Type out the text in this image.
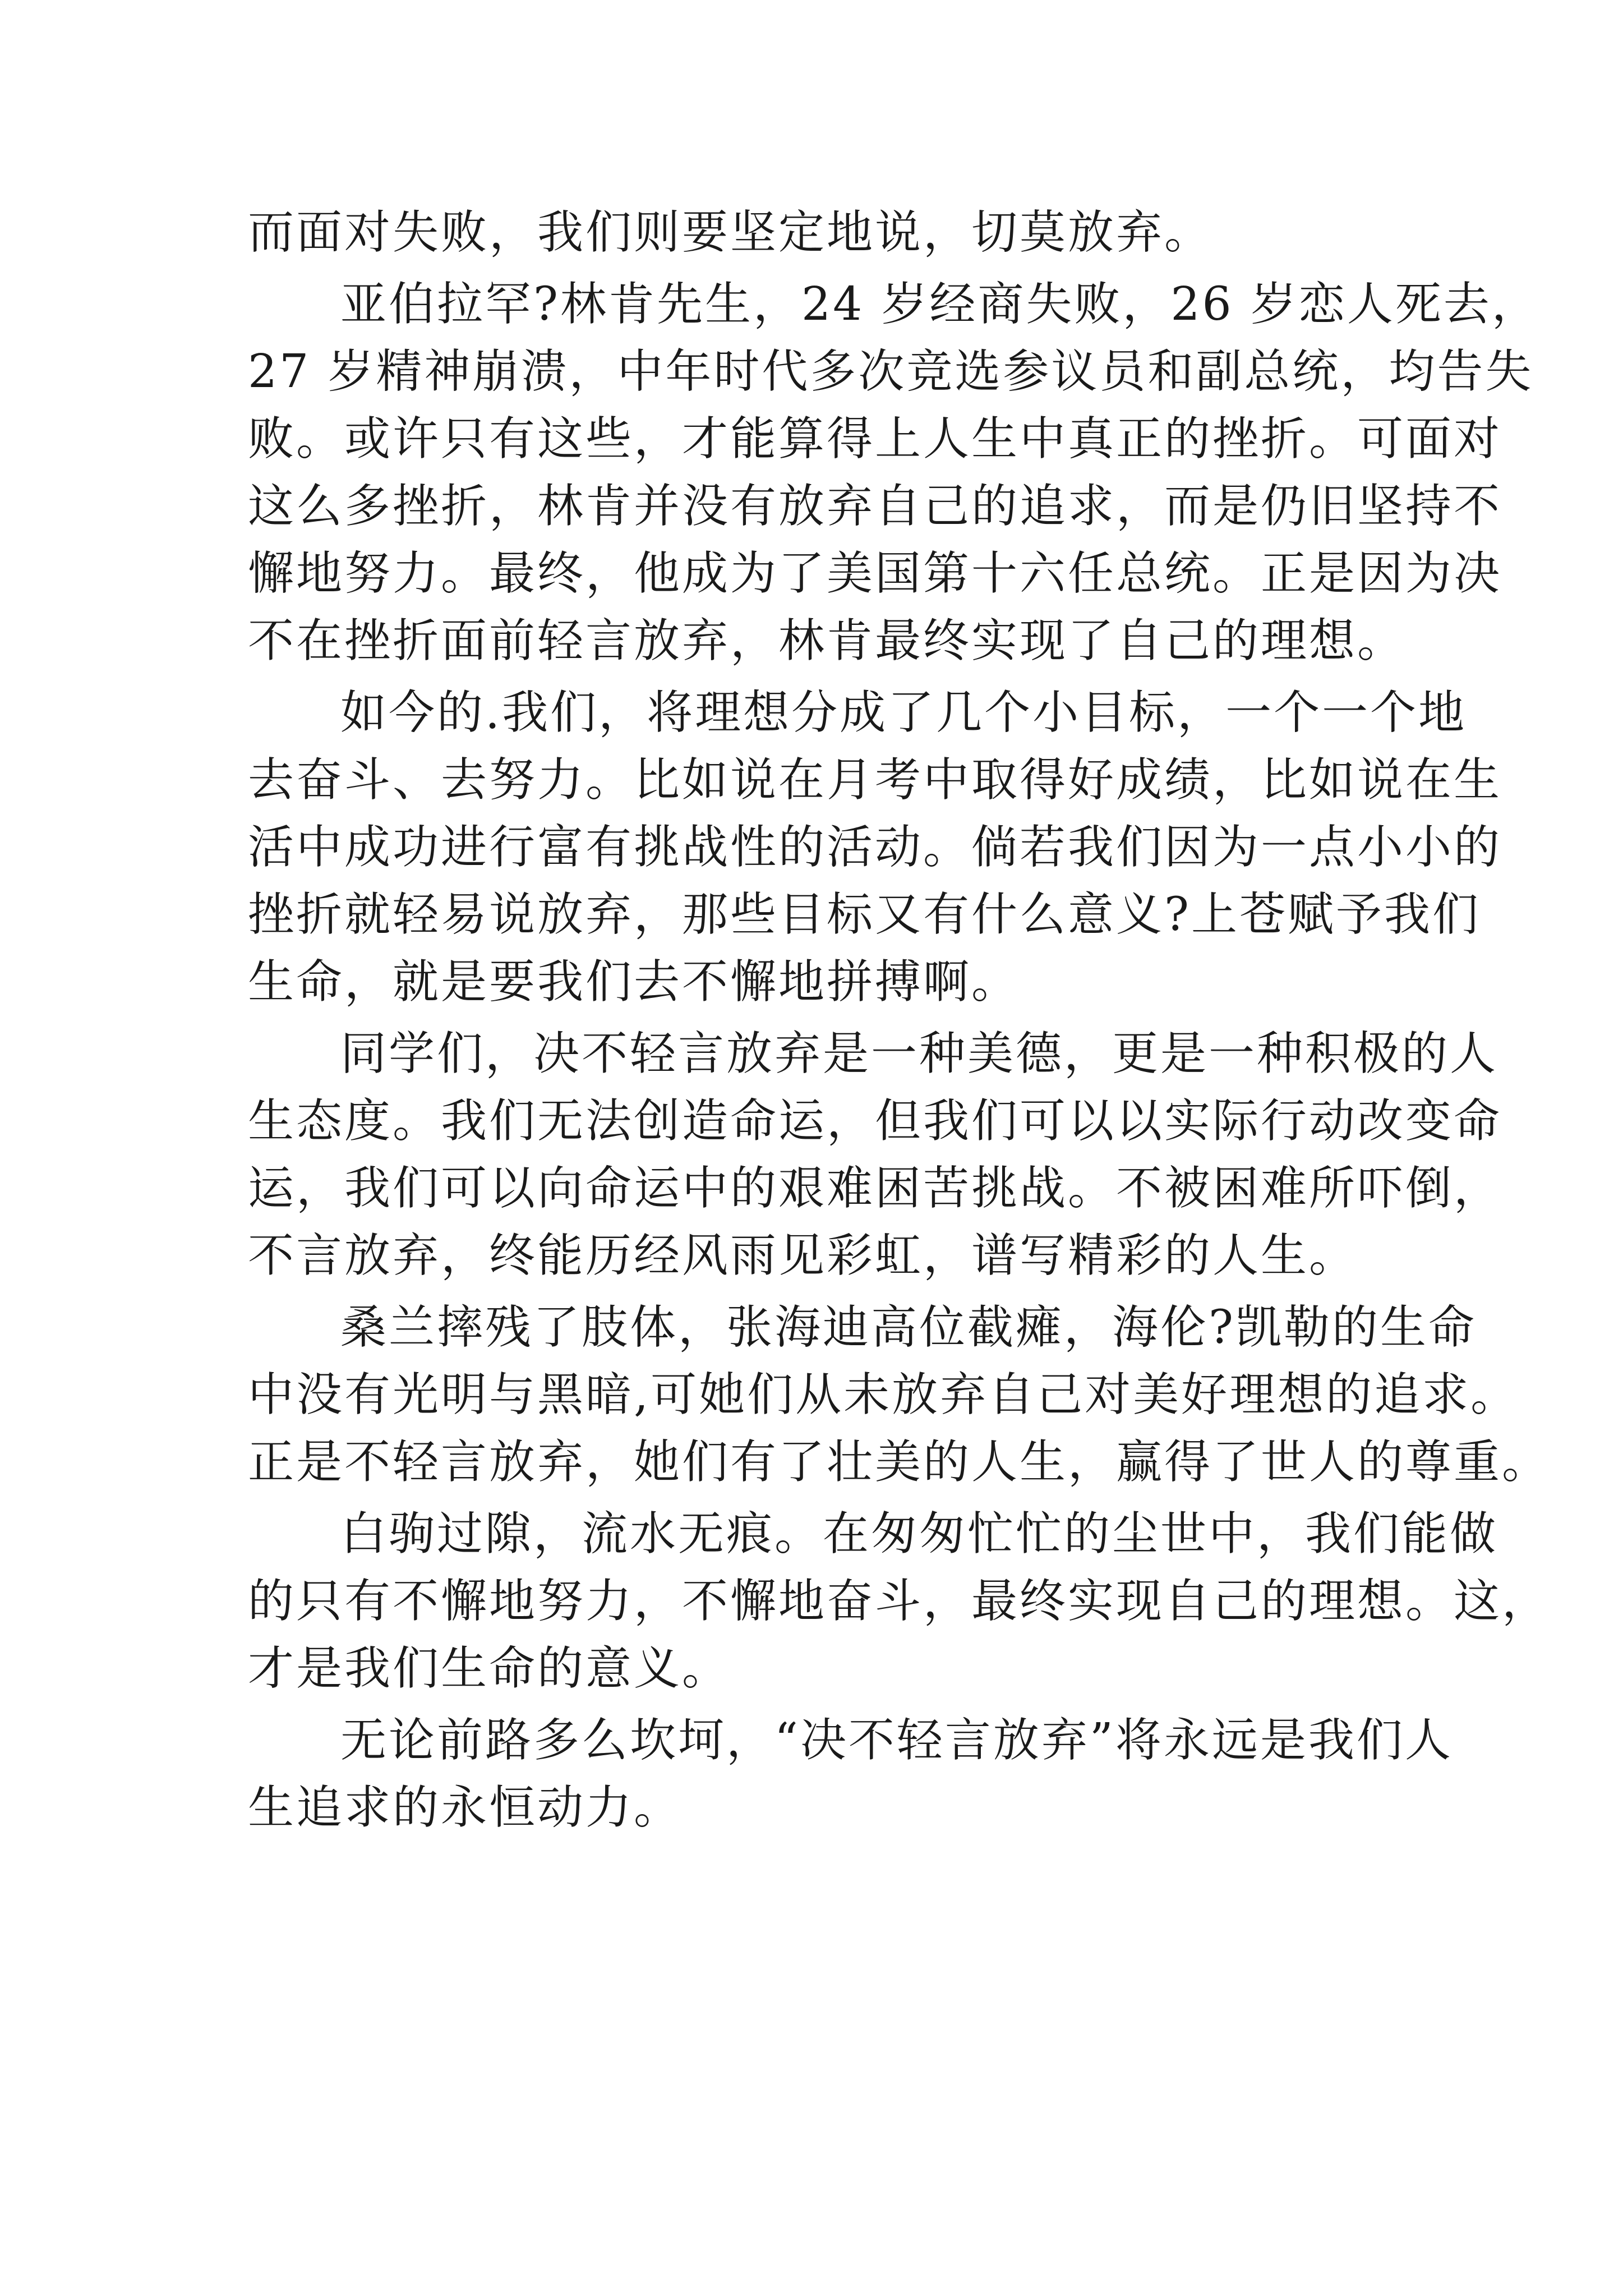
而面对失败，我们则要坚定地说，切莫放弃。
亚伯拉罕?林肯先生，24 岁经商失败，26 岁恋人死去，
27 岁精神崩溃，中年时代多次竞选参议员和副总统，均告失
败。或许只有这些，才能算得上人生中真正的挫折。可面对
这么多挫折，林肯并没有放弃自己的追求，而是仍旧坚持不
懈地努力。最终，他成为了美国第十六任总统。正是因为决
不在挫折面前轻言放弃，林肯最终实现了自己的理想。
如今的.我们，将理想分成了几个小目标，一个一个地
去奋斗、去努力。比如说在月考中取得好成绩，比如说在生
活中成功进行富有挑战性的活动。倘若我们因为一点小小的
挫折就轻易说放弃，那些目标又有什么意义?上苍赋予我们
生命，就是要我们去不懈地拼搏啊。
同学们，决不轻言放弃是一种美德，更是一种积极的人
生态度。我们无法创造命运，但我们可以以实际行动改变命
运，我们可以向命运中的艰难困苦挑战。不被困难所吓倒，
不言放弃，终能历经风雨见彩虹，谱写精彩的人生。
桑兰摔残了肢体，张海迪高位截瘫，海伦?凯勒的生命
中没有光明与黑暗,可她们从未放弃自己对美好理想的追求。
正是不轻言放弃，她们有了壮美的人生，赢得了世人的尊重。
白驹过隙，流水无痕。在匆匆忙忙的尘世中，我们能做
的只有不懈地努力，不懈地奋斗，最终实现自己的理想。这，
才是我们生命的意义。
无论前路多么坎坷，“决不轻言放弃”将永远是我们人
生追求的永恒动力。
